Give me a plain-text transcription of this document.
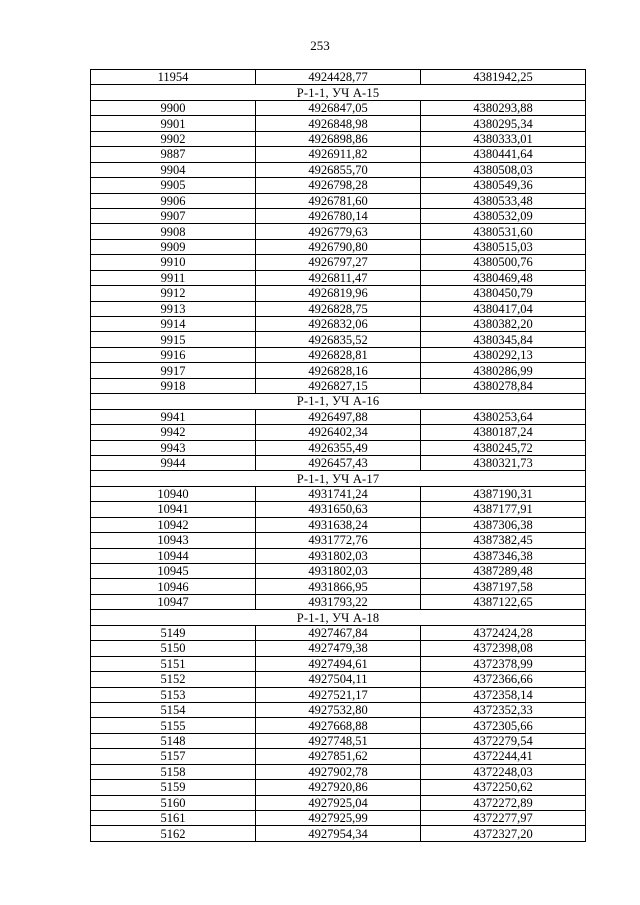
253
11954	4924428,77	4381942,25
Р-1-1, УЧ А-15		
9900	4926847,05	4380293,88
9901	4926848,98	4380295,34
9902	4926898,86	4380333,01
9887	4926911,82	4380441,64
9904	4926855,70	4380508,03
9905	4926798,28	4380549,36
9906	4926781,60	4380533,48
9907	4926780,14	4380532,09
9908	4926779,63	4380531,60
9909	4926790,80	4380515,03
9910	4926797,27	4380500,76
9911	4926811,47	4380469,48
9912	4926819,96	4380450,79
9913	4926828,75	4380417,04
9914	4926832,06	4380382,20
9915	4926835,52	4380345,84
9916	4926828,81	4380292,13
9917	4926828,16	4380286,99
9918	4926827,15	4380278,84
Р-1-1, УЧ А-16		
9941	4926497,88	4380253,64
9942	4926402,34	4380187,24
9943	4926355,49	4380245,72
9944	4926457,43	4380321,73
Р-1-1, УЧ А-17		
10940	4931741,24	4387190,31
10941	4931650,63	4387177,91
10942	4931638,24	4387306,38
10943	4931772,76	4387382,45
10944	4931802,03	4387346,38
10945	4931802,03	4387289,48
10946	4931866,95	4387197,58
10947	4931793,22	4387122,65
Р-1-1, УЧ А-18		
5149	4927467,84	4372424,28
5150	4927479,38	4372398,08
5151	4927494,61	4372378,99
5152	4927504,11	4372366,66
5153	4927521,17	4372358,14
5154	4927532,80	4372352,33
5155	4927668,88	4372305,66
5148	4927748,51	4372279,54
5157	4927851,62	4372244,41
5158	4927902,78	4372248,03
5159	4927920,86	4372250,62
5160	4927925,04	4372272,89
5161	4927925,99	4372277,97
5162	4927954,34	4372327,20
